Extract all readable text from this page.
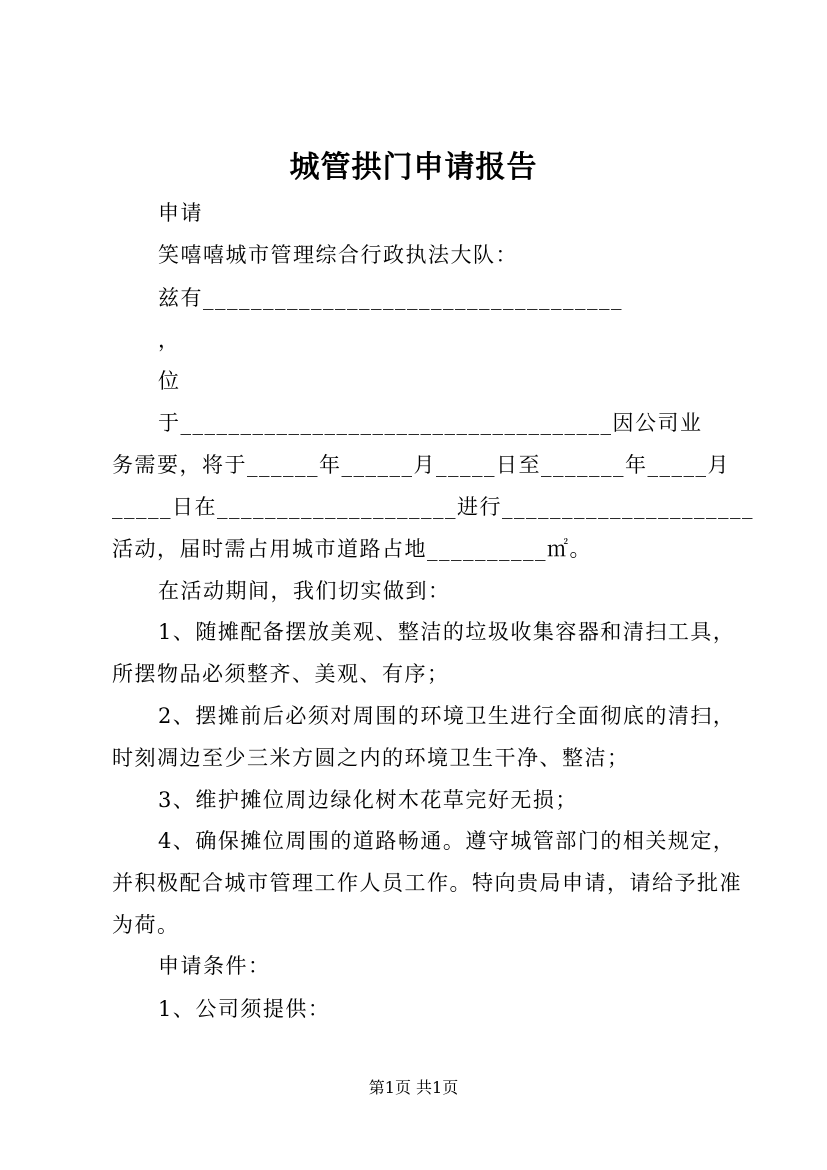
城管拱门申请报告
申请
笑嘻嘻城市管理综合行政执法大队：
兹有___________________________________
，
位
于____________________________________因公司业
务需要，将于______年______月_____日至_______年_____月
_____日在____________________进行_____________________
活动，届时需占用城市道路占地__________㎡。
在活动期间，我们切实做到：
1、随摊配备摆放美观、整洁的垃圾收集容器和清扫工具，
所摆物品必须整齐、美观、有序；
2、摆摊前后必须对周围的环境卫生进行全面彻底的清扫，
时刻凋边至少三米方圆之内的环境卫生干净、整洁；
3、维护摊位周边绿化树木花草完好无损；
4、确保摊位周围的道路畅通。遵守城管部门的相关规定，
并积极配合城市管理工作人员工作。特向贵局申请，请给予批准
为荷。
申请条件：
1、公司须提供：
第1页 共1页
